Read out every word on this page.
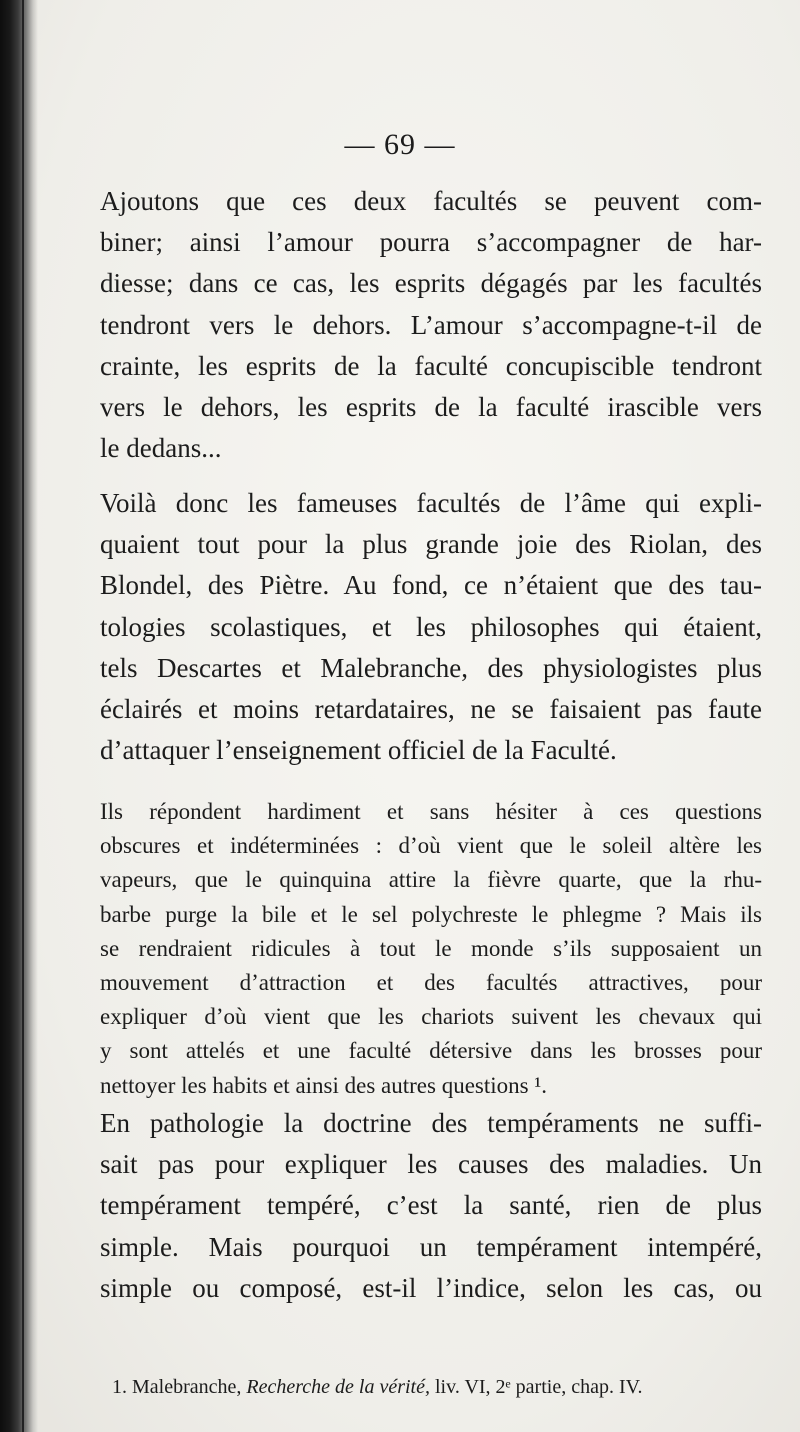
— 69 —
Ajoutons que ces deux facultés se peuvent com-
biner; ainsi l’amour pourra s’accompagner de har-
diesse; dans ce cas, les esprits dégagés par les facultés
tendront vers le dehors. L’amour s’accompagne-t-il de
crainte, les esprits de la faculté concupiscible tendront
vers le dehors, les esprits de la faculté irascible vers
le dedans...
Voilà donc les fameuses facultés de l’âme qui expli-
quaient tout pour la plus grande joie des Riolan, des
Blondel, des Piètre. Au fond, ce n’étaient que des tau-
tologies scolastiques, et les philosophes qui étaient,
tels Descartes et Malebranche, des physiologistes plus
éclairés et moins retardataires, ne se faisaient pas faute
d’attaquer l’enseignement officiel de la Faculté.
Ils répondent hardiment et sans hésiter à ces questions
obscures et indéterminées : d’où vient que le soleil altère les
vapeurs, que le quinquina attire la fièvre quarte, que la rhu-
barbe purge la bile et le sel polychreste le phlegme ? Mais ils
se rendraient ridicules à tout le monde s’ils supposaient un
mouvement d’attraction et des facultés attractives, pour
expliquer d’où vient que les chariots suivent les chevaux qui
y sont attelés et une faculté détersive dans les brosses pour
nettoyer les habits et ainsi des autres questions ¹.
En pathologie la doctrine des tempéraments ne suffi-
sait pas pour expliquer les causes des maladies. Un
tempérament tempéré, c’est la santé, rien de plus
simple. Mais pourquoi un tempérament intempéré,
simple ou composé, est-il l’indice, selon les cas, ou
1. Malebranche, Recherche de la vérité, liv. VI, 2ᵉ partie, chap. IV.
